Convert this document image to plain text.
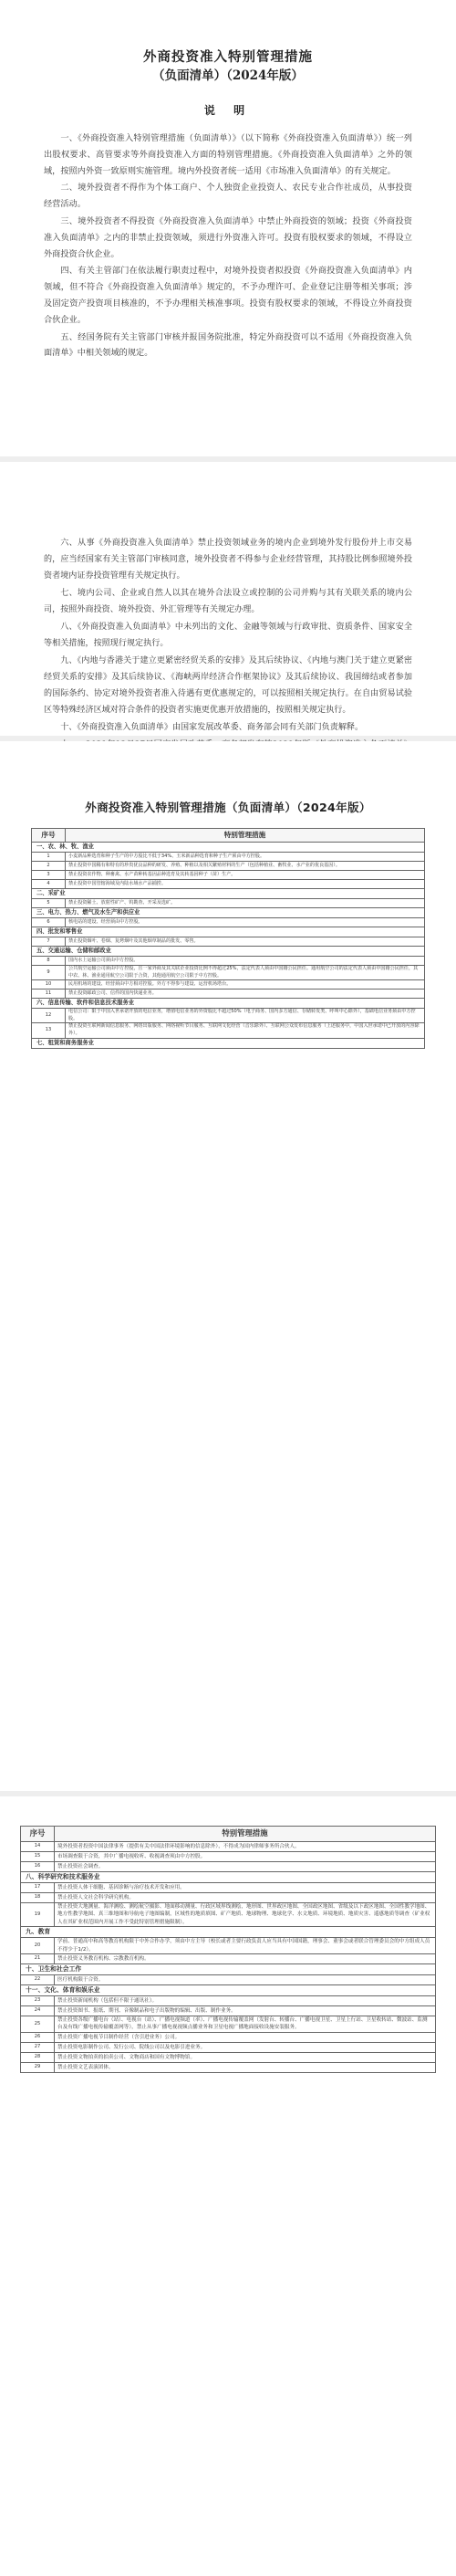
外商投资准入特别管理措施
（负面清单）（2024年版）
说 明

一、《外商投资准入特别管理措施（负面清单）》（以下简称《外商投资准入负面清单》）统一列出股权要求、高管要求等外商投资准入方面的特别管理措施。《外商投资准入负面清单》之外的领域，按照内外资一致原则实施管理。境内外投资者统一适用《市场准入负面清单》的有关规定。

二、境外投资者不得作为个体工商户、个人独资企业投资人、农民专业合作社成员，从事投资经营活动。

三、境外投资者不得投资《外商投资准入负面清单》中禁止外商投资的领域；投资《外商投资准入负面清单》之内的非禁止投资领域，须进行外资准入许可。投资有股权要求的领域，不得设立外商投资合伙企业。

四、有关主管部门在依法履行职责过程中，对境外投资者拟投资《外商投资准入负面清单》内领域，但不符合《外商投资准入负面清单》规定的，不予办理许可、企业登记注册等相关事项；涉及固定资产投资项目核准的，不予办理相关核准事项。投资有股权要求的领域，不得设立外商投资合伙企业。

五、经国务院有关主管部门审核并报国务院批准，特定外商投资可以不适用《外商投资准入负面清单》中相关领域的规定。

六、从事《外商投资准入负面清单》禁止投资领域业务的境内企业到境外发行股份并上市交易的，应当经国家有关主管部门审核同意，境外投资者不得参与企业经营管理，其持股比例参照境外投资者境内证券投资管理有关规定执行。

七、境内公司、企业或自然人以其在境外合法设立或控制的公司并购与其有关联关系的境内公司，按照外商投资、境外投资、外汇管理等有关规定办理。

八、《外商投资准入负面清单》中未列出的文化、金融等领域与行政审批、资质条件、国家安全等相关措施，按照现行规定执行。

九、《内地与香港关于建立更紧密经贸关系的安排》及其后续协议、《内地与澳门关于建立更紧密经贸关系的安排》及其后续协议、《海峡两岸经济合作框架协议》及其后续协议、我国缔结或者参加的国际条约、协定对境外投资者准入待遇有更优惠规定的，可以按照相关规定执行。在自由贸易试验区等特殊经济区域对符合条件的投资者实施更优惠开放措施的，按照相关规定执行。

十、《外商投资准入负面清单》由国家发展改革委、商务部会同有关部门负责解释。

外商投资准入特别管理措施（负面清单）（2024年版）
序号	特别管理措施
一、农、林、牧、渔业	
1	小麦新品种选育和种子生产的中方股比不低于34%、玉米新品种选育和种子生产须由中方控股。
2	禁止投资中国稀有和特有的珍贵优良品种的研发、养殖、种植以及相关繁殖材料的生产（包括种植业、畜牧业、水产业的优良基因）。
3	禁止投资农作物、种畜禽、水产苗种转基因品种选育及其转基因种子（苗）生产。
4	禁止投资中国管辖海域及内陆水域水产品捕捞。
二、采矿业	
5	禁止投资稀土、放射性矿产、钨勘查、开采及选矿。
三、电力、热力、燃气及水生产和供应业	
6	核电站的建设、经营须由中方控股。
四、批发和零售业	
7	禁止投资烟叶、卷烟、复烤烟叶及其他烟草制品的批发、零售。
五、交通运输、仓储和邮政业	
8	国内水上运输公司须由中方控股。
9	公共航空运输公司须由中方控股，且一家外商及其关联企业投资比例不得超过25%，法定代表人须由中国籍公民担任。通用航空公司的法定代表人须由中国籍公民担任，其中农、林、渔业通用航空公司限于合资，其他通用航空公司限于中方控股。
10	民用机场的建设、经营须由中方相对控股。外方不得参与建设、运营机场塔台。
11	禁止投资邮政公司、信件的国内快递业务。
六、信息传输、软件和信息技术服务业	
12	电信公司：限于中国入世承诺开放的电信业务，增值电信业务的外资股比不超过50%（电子商务、国内多方通信、存储转发类、呼叫中心除外），基础电信业务须由中方控股。
13	禁止投资互联网新闻信息服务、网络出版服务、网络视听节目服务、互联网文化经营（音乐除外）、互联网公众发布信息服务（上述服务中，中国入世承诺中已开放的内容除外）。
七、租赁和商务服务业	
序号	特别管理措施
14	境外投资者投资中国法律事务（提供有关中国法律环境影响的信息除外），不得成为国内律师事务所合伙人。
15	市场调查限于合资，其中广播电视收听、收视调查须由中方控股。
16	禁止投资社会调查。
八、科学研究和技术服务业	
17	禁止投资人体干细胞、基因诊断与治疗技术开发和应用。
18	禁止投资人文社会科学研究机构。
19	禁止投资大地测量、海洋测绘、测绘航空摄影、地面移动测量、行政区域界线测绘，地形图、世界政区地图、全国政区地图、省级及以下政区地图、全国性教学地图、地方性教学地图、真三维地图和导航电子地图编制，区域性的地质填图、矿产地质、地球物理、地球化学、水文地质、环境地质、地质灾害、遥感地质等调查（矿业权人在其矿业权范围内开展工作不受此特别管理措施限制）。
九、教育	
20	学前、普通高中和高等教育机构限于中外合作办学，须由中方主导（校长或者主要行政负责人应当具有中国国籍，理事会、董事会或者联合管理委员会的中方组成人员不得少于1/2）。
21	禁止投资义务教育机构、宗教教育机构。
十、卫生和社会工作	
22	医疗机构限于合资。
十一、文化、体育和娱乐业	
23	禁止投资新闻机构（包括但不限于通讯社）。
24	禁止投资图书、报纸、期刊、音像制品和电子出版物的编辑、出版、制作业务。
25	禁止投资各级广播电台（站）、电视台（站）、广播电视频道（率）、广播电视传输覆盖网（发射台、转播台、广播电视卫星、卫星上行站、卫星收转站、微波站、监测台及有线广播电视传输覆盖网等），禁止从事广播电视视频点播业务和卫星电视广播地面接收设施安装服务。
26	禁止投资广播电视节目制作经营（含引进业务）公司。
27	禁止投资电影制作公司、发行公司、院线公司以及电影引进业务。
28	禁止投资文物拍卖的拍卖公司、文物商店和国有文物博物馆。
29	禁止投资文艺表演团体。
